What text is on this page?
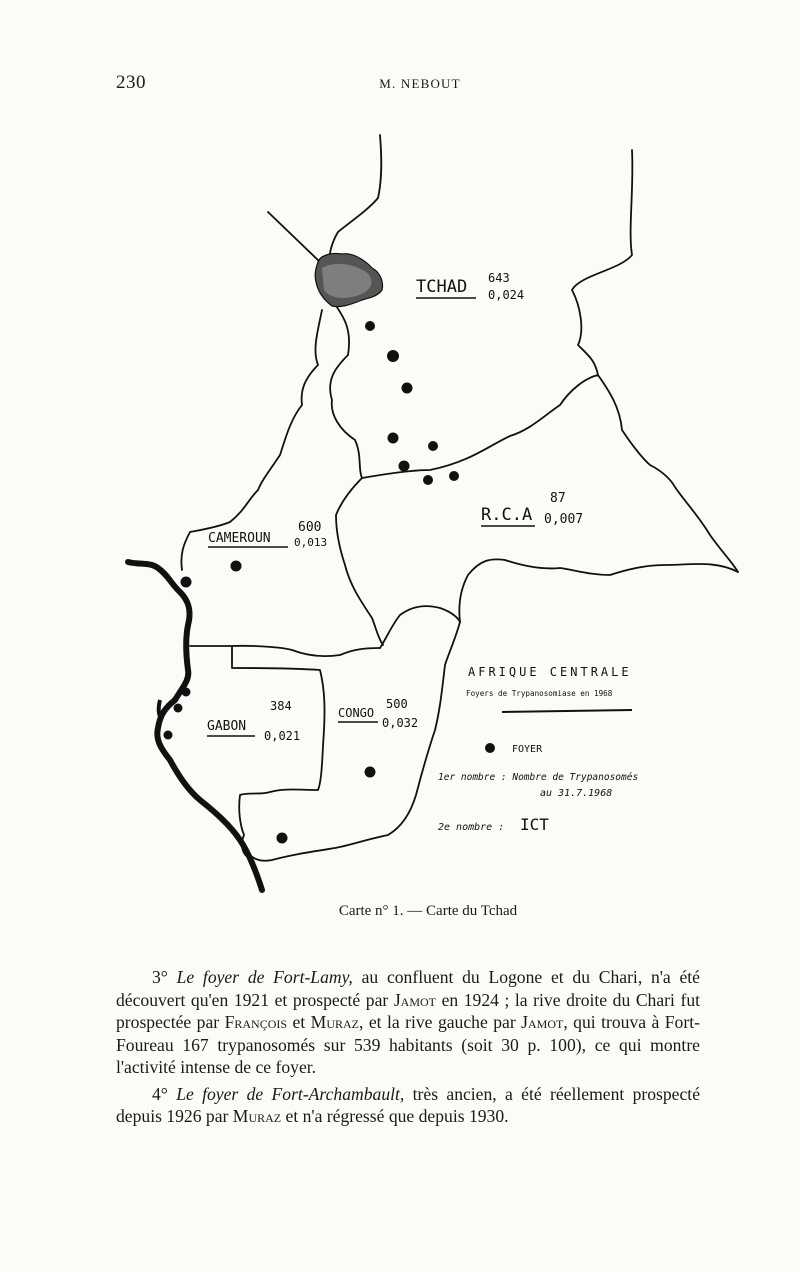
230	M. NEBOUT
TCHAD 643
0,024
R.C.A
87
0,007
CAMEROUN
600
0,013
GABON
384
0,021
CONGO
500
0,032
AFRIQUE CENTRALE
Foyers de Trypanosomiase en 1968
FOYER
1er nombre : Nombre de Trypanosomés
au 31.7.1968
2e nombre : ICT
Carte n° 1. — Carte du Tchad

3° Le foyer de Fort-Lamy, au confluent du Logone et du Chari, n'a été découvert qu'en 1921 et prospecté par Jamot en 1924 ; la rive droite du Chari fut prospectée par François et Muraz, et la rive gauche par Jamot, qui trouva à Fort-Foureau 167 trypanosomés sur 539 habitants (soit 30 p. 100), ce qui montre l'activité intense de ce foyer.

4° Le foyer de Fort-Archambault, très ancien, a été réellement prospecté depuis 1926 par Muraz et n'a régressé que depuis 1930.
